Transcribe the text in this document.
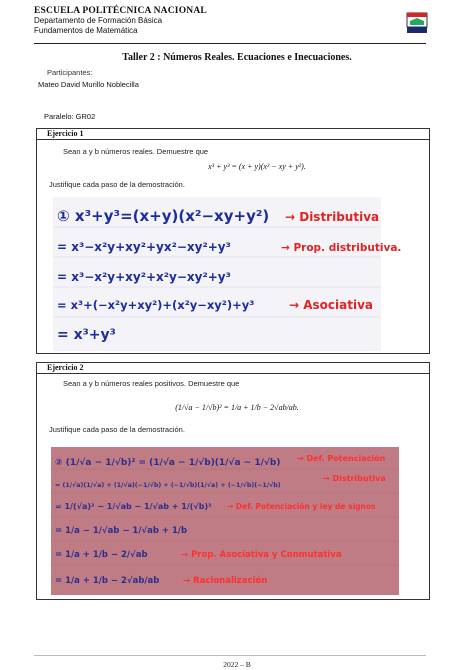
ESCUELA POLITÉCNICA NACIONAL
Departamento de Formación Básica
Fundamentos de Matemática
Taller 2 : Números Reales. Ecuaciones e Inecuaciones.
Participantes:
Mateo David Murillo Noblecilla
Paralelo: GR02
Ejercicio 1
Sean a y b números reales. Demuestre que
x³ + y³ = (x + y)(x² − xy + y²).
Justifique cada paso de la demostración.
① x³+y³=(x+y)(x²−xy+y²) → Distributiva
= x³−x²y+xy²+yx²−xy²+y³	→ Prop. distributiva.
= x³−x²y+xy²+x²y−xy²+y³
= x³+(−x²y+xy²)+(x²y−xy²)+y³	→ Asociativa
= x³+y³
Ejercicio 2
Sean a y b números reales positivos. Demuestre que
(1/√a − 1/√b)² = 1/a + 1/b − 2√ab/ab.
Justifique cada paso de la demostración.
② (1/√a − 1/√b)² = (1/√a − 1/√b)(1/√a − 1/√b) → Def. Potenciación
= (1/√a)(1/√a) + (1/√a)(−1/√b) + (−1/√b)(1/√a) + (−1/√b)(−1/√b)
→ Distributiva
= 1/(√a)² − 1/√ab − 1/√ab + 1/(√b)² → Def. Potenciación y ley de signos
= 1/a − 1/√ab − 1/√ab + 1/b
= 1/a + 1/b − 2/√ab	→ Prop. Asociativa y Conmutativa
= 1/a + 1/b − 2√ab/ab	→ Racionalización
2022 – B
